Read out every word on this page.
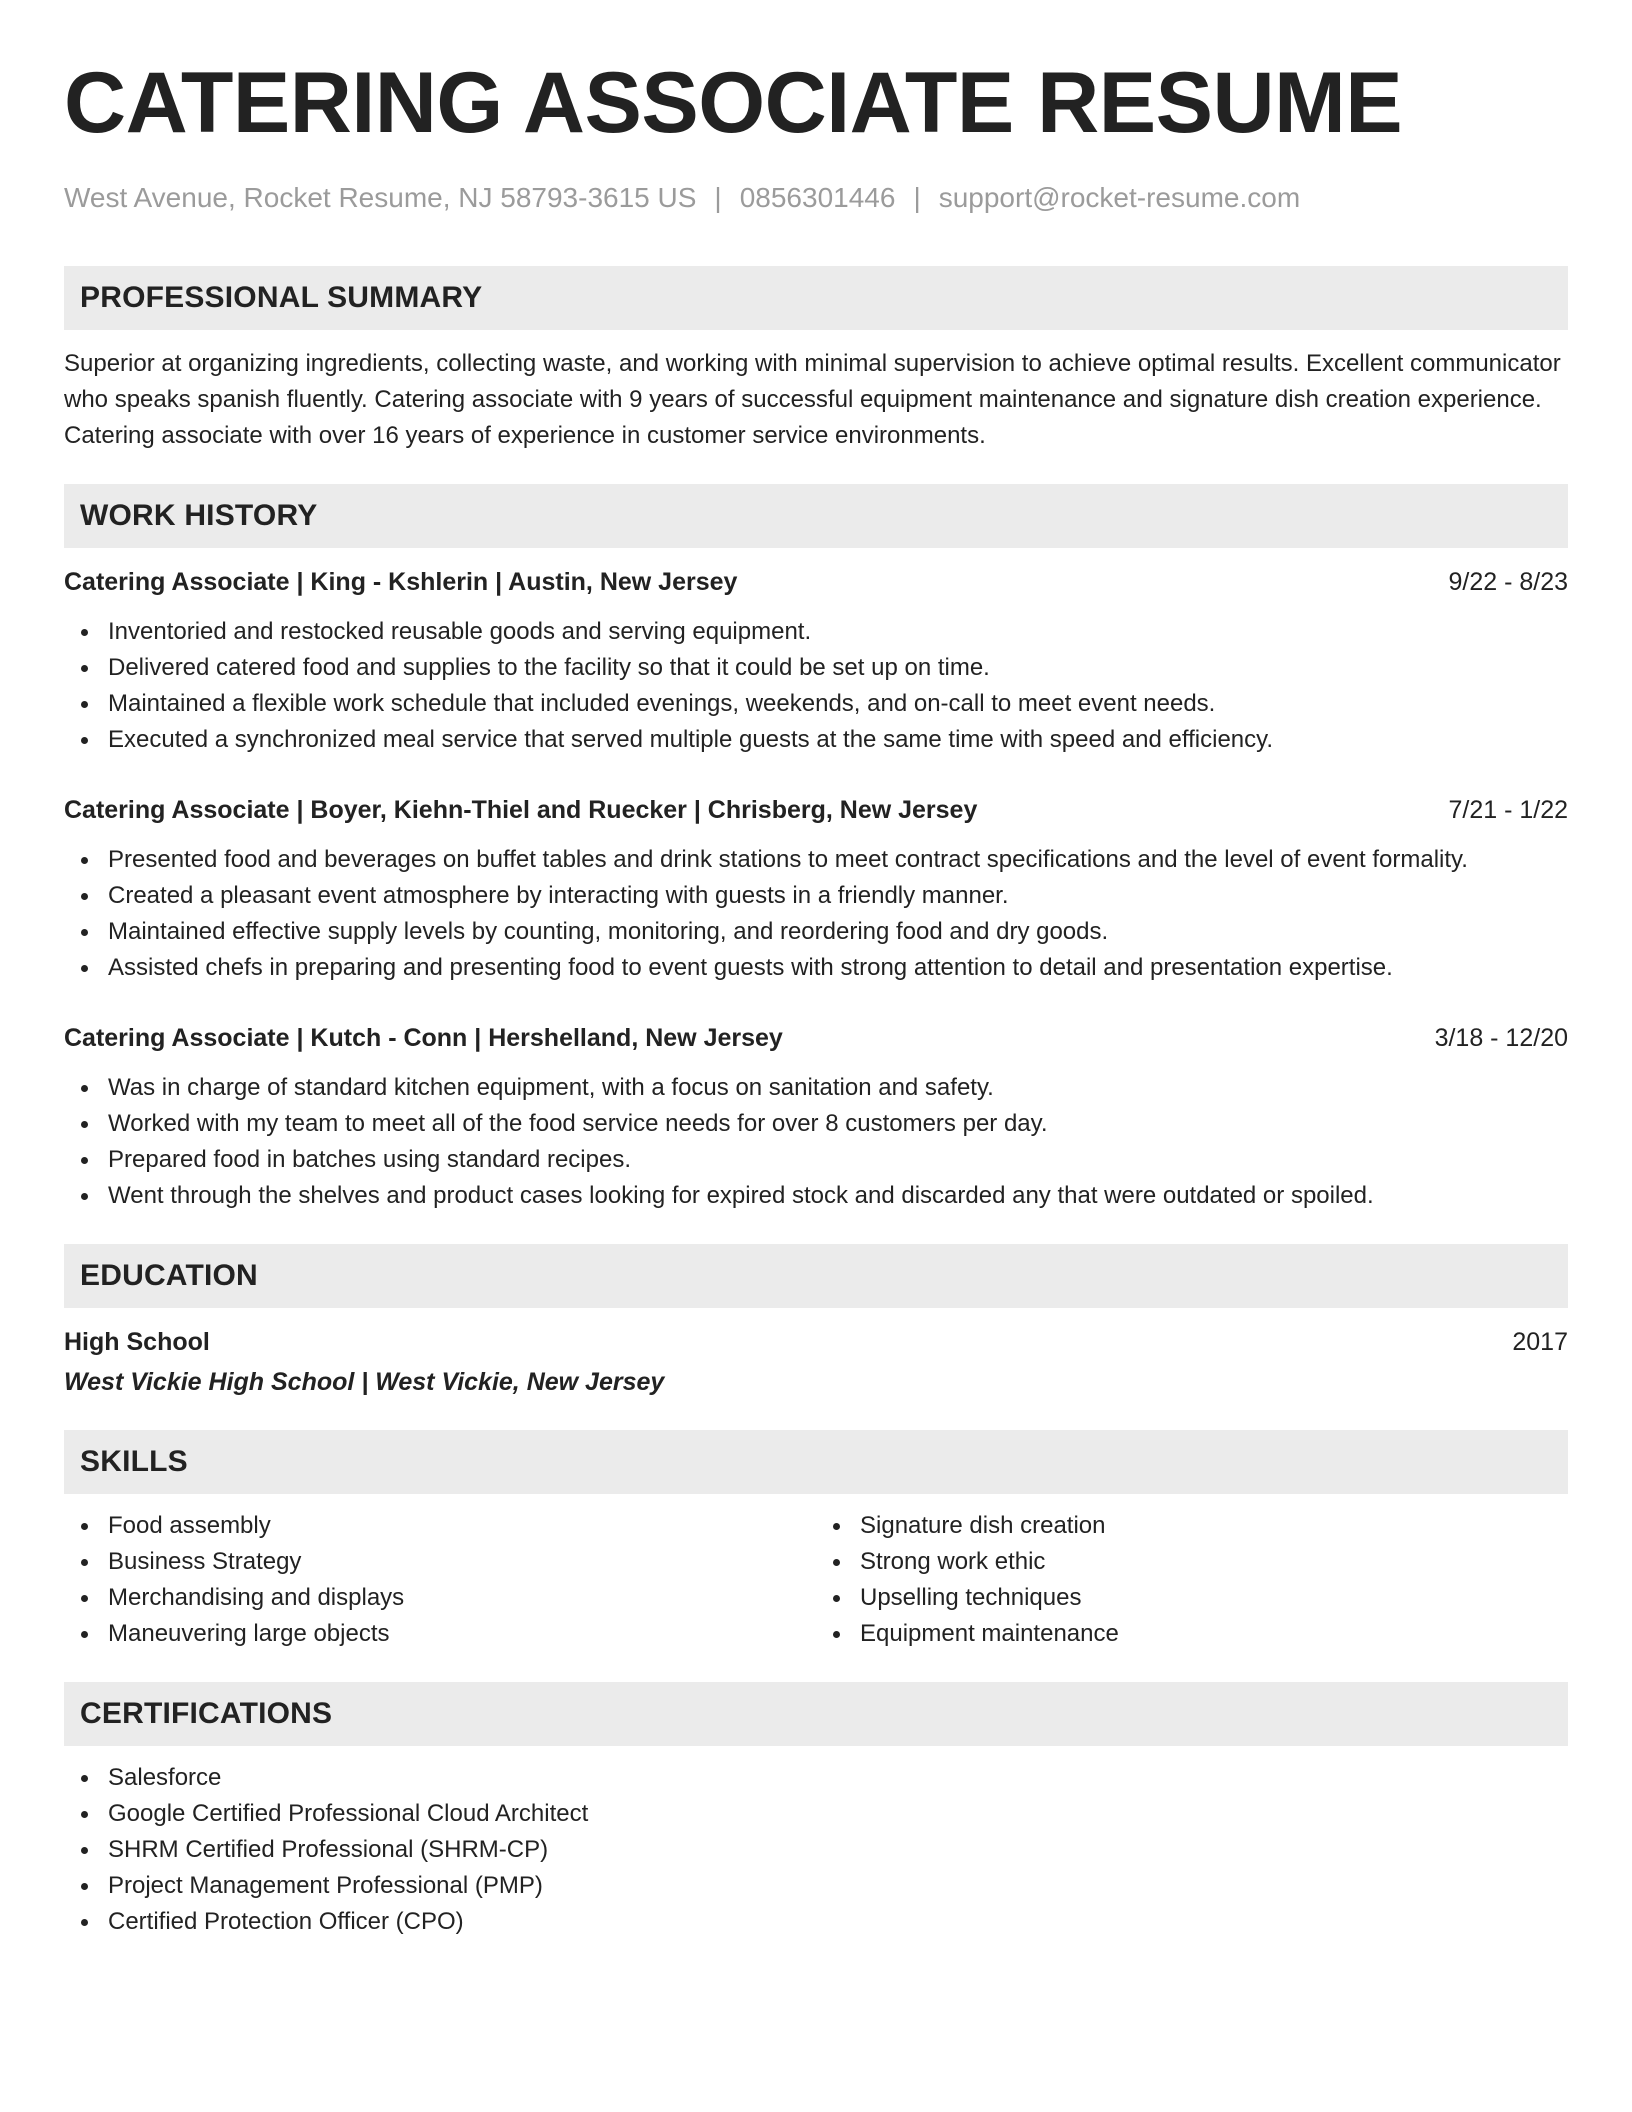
CATERING ASSOCIATE RESUME
West Avenue, Rocket Resume, NJ 58793-3615 US | 0856301446 | support@rocket-resume.com
PROFESSIONAL SUMMARY

Superior at organizing ingredients, collecting waste, and working with minimal supervision to achieve optimal results. Excellent communicator who speaks spanish fluently. Catering associate with 9 years of successful equipment maintenance and signature dish creation experience. Catering associate with over 16 years of experience in customer service environments.

WORK HISTORY
Catering Associate | King - Kshlerin | Austin, New Jersey	9/22 - 8/23
Inventoried and restocked reusable goods and serving equipment.
Delivered catered food and supplies to the facility so that it could be set up on time.
Maintained a flexible work schedule that included evenings, weekends, and on-call to meet event needs.
Executed a synchronized meal service that served multiple guests at the same time with speed and efficiency.
Catering Associate | Boyer, Kiehn-Thiel and Ruecker | Chrisberg, New Jersey	7/21 - 1/22
Presented food and beverages on buffet tables and drink stations to meet contract specifications and the level of event formality.
Created a pleasant event atmosphere by interacting with guests in a friendly manner.
Maintained effective supply levels by counting, monitoring, and reordering food and dry goods.
Assisted chefs in preparing and presenting food to event guests with strong attention to detail and presentation expertise.
Catering Associate | Kutch - Conn | Hershelland, New Jersey	3/18 - 12/20
Was in charge of standard kitchen equipment, with a focus on sanitation and safety.
Worked with my team to meet all of the food service needs for over 8 customers per day.
Prepared food in batches using standard recipes.
Went through the shelves and product cases looking for expired stock and discarded any that were outdated or spoiled.
EDUCATION
High School	2017
West Vickie High School | West Vickie, New Jersey
SKILLS
Food assembly
Business Strategy
Merchandising and displays
Maneuvering large objects
Signature dish creation
Strong work ethic
Upselling techniques
Equipment maintenance
CERTIFICATIONS
Salesforce
Google Certified Professional Cloud Architect
SHRM Certified Professional (SHRM-CP)
Project Management Professional (PMP)
Certified Protection Officer (CPO)
